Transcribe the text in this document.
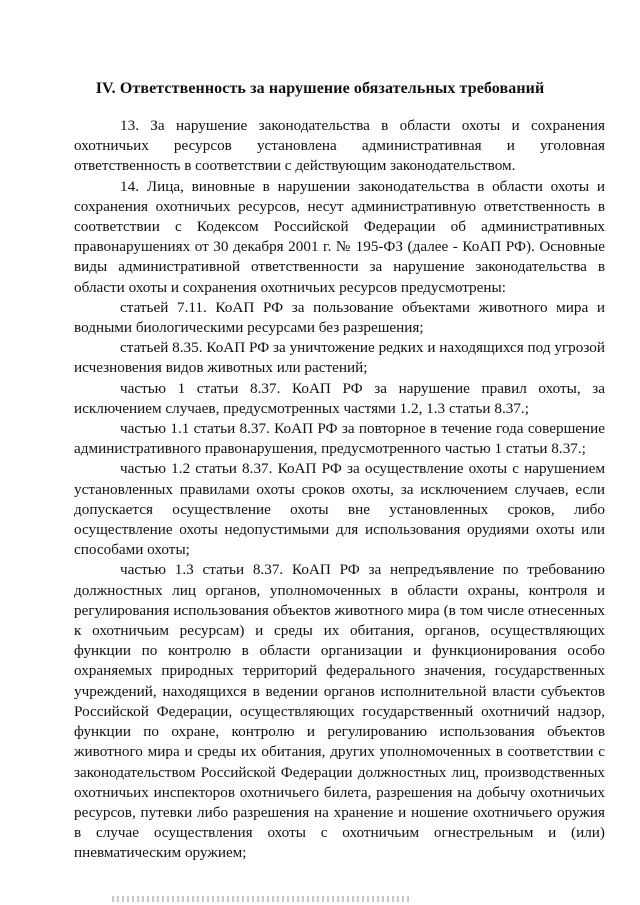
IV. Ответственность за нарушение обязательных требований

13. За нарушение законодательства в области охоты и сохранения охотничьих ресурсов установлена административная и уголовная ответственность в соответствии с действующим законодательством.

14. Лица, виновные в нарушении законодательства в области охоты и сохранения охотничьих ресурсов, несут административную ответственность в соответствии с Кодексом Российской Федерации об административных правонарушениях от 30 декабря 2001 г. № 195-ФЗ (далее - КоАП РФ). Основные виды административной ответственности за нарушение законодательства в области охоты и сохранения охотничьих ресурсов предусмотрены:

статьей 7.11. КоАП РФ за пользование объектами животного мира и водными биологическими ресурсами без разрешения;

статьей 8.35. КоАП РФ за уничтожение редких и находящихся под угрозой исчезновения видов животных или растений;

частью 1 статьи 8.37. КоАП РФ за нарушение правил охоты, за исключением случаев, предусмотренных частями 1.2, 1.3 статьи 8.37.;

частью 1.1 статьи 8.37. КоАП РФ за повторное в течение года совершение административного правонарушения, предусмотренного частью 1 статьи 8.37.;

частью 1.2 статьи 8.37. КоАП РФ за осуществление охоты с нарушением установленных правилами охоты сроков охоты, за исключением случаев, если допускается осуществление охоты вне установленных сроков, либо осуществление охоты недопустимыми для использования орудиями охоты или способами охоты;

частью 1.3 статьи 8.37. КоАП РФ за непредъявление по требованию должностных лиц органов, уполномоченных в области охраны, контроля и регулирования использования объектов животного мира (в том числе отнесенных к охотничьим ресурсам) и среды их обитания, органов, осуществляющих функции по контролю в области организации и функционирования особо охраняемых природных территорий федерального значения, государственных учреждений, находящихся в ведении органов исполнительной власти субъектов Российской Федерации, осуществляющих государственный охотничий надзор, функции по охране, контролю и регулированию использования объектов животного мира и среды их обитания, других уполномоченных в соответствии с законодательством Российской Федерации должностных лиц, производственных охотничьих инспекторов охотничьего билета, разрешения на добычу охотничьих ресурсов, путевки либо разрешения на хранение и ношение охотничьего оружия в случае осуществления охоты с охотничьим огнестрельным и (или) пневматическим оружием;
